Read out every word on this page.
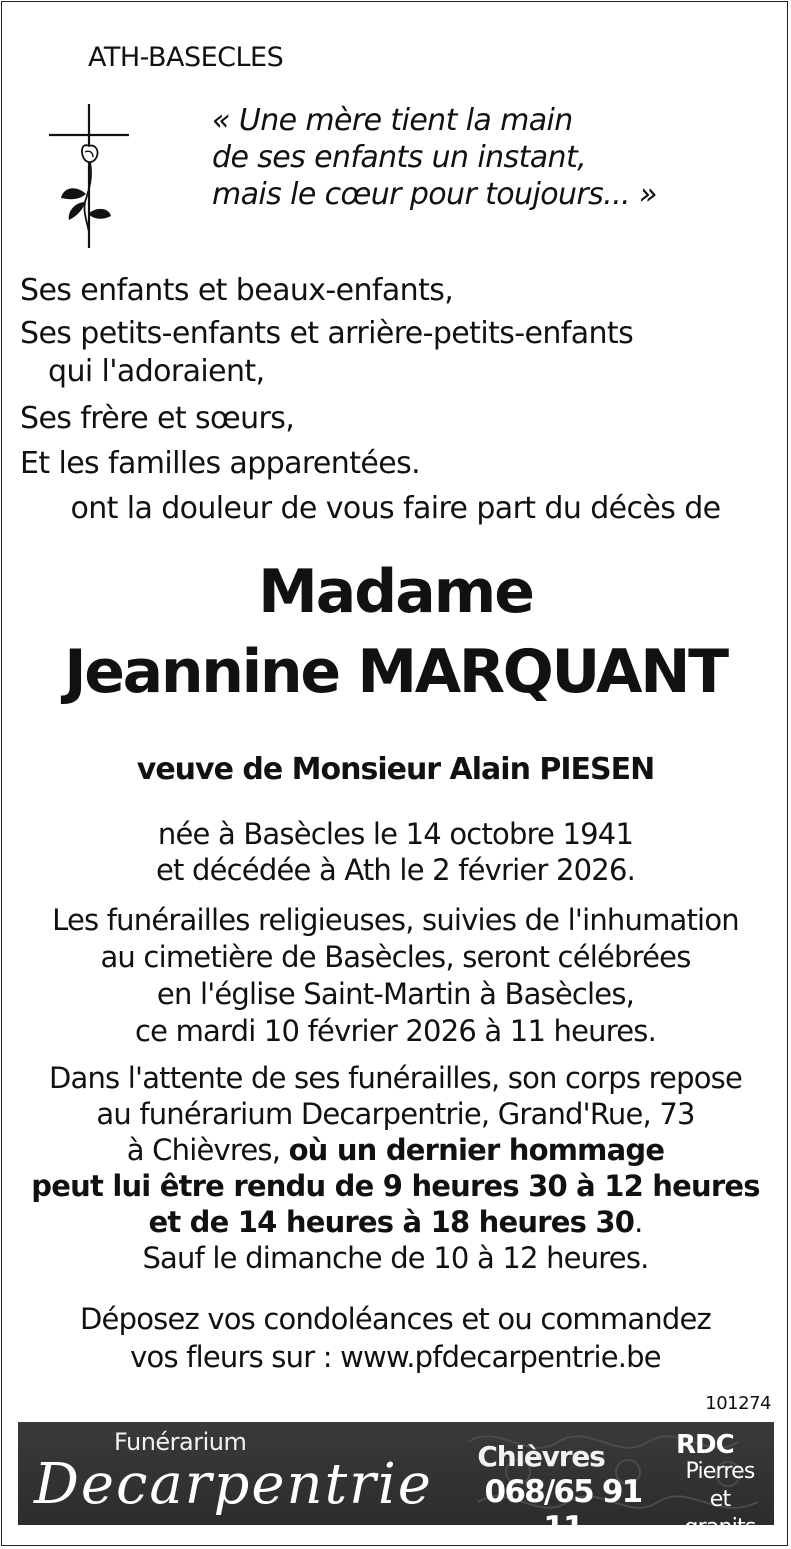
ATH-BASECLES
« Une mère tient la main
de ses enfants un instant,
mais le cœur pour toujours... »
Ses enfants et beaux-enfants,
Ses petits-enfants et arrière-petits-enfants
qui l'adoraient,
Ses frère et sœurs,
Et les familles apparentées.
ont la douleur de vous faire part du décès de
Madame
Jeannine MARQUANT
veuve de Monsieur Alain PIESEN
née à Basècles le 14 octobre 1941
et décédée à Ath le 2 février 2026.
Les funérailles religieuses, suivies de l'inhumation
au cimetière de Basècles, seront célébrées
en l'église Saint-Martin à Basècles,
ce mardi 10 février 2026 à 11 heures.
Dans l'attente de ses funérailles, son corps repose
au funérarium Decarpentrie, Grand'Rue, 73
à Chièvres, où un dernier hommage
peut lui être rendu de 9 heures 30 à 12 heures
et de 14 heures à 18 heures 30.
Sauf le dimanche de 10 à 12 heures.
Déposez vos condoléances et ou commandez
vos fleurs sur : www.pfdecarpentrie.be
101274
Funérarium
Decarpentrie Chièvres
068/65 91 11
RDC
Pierres
et granits
